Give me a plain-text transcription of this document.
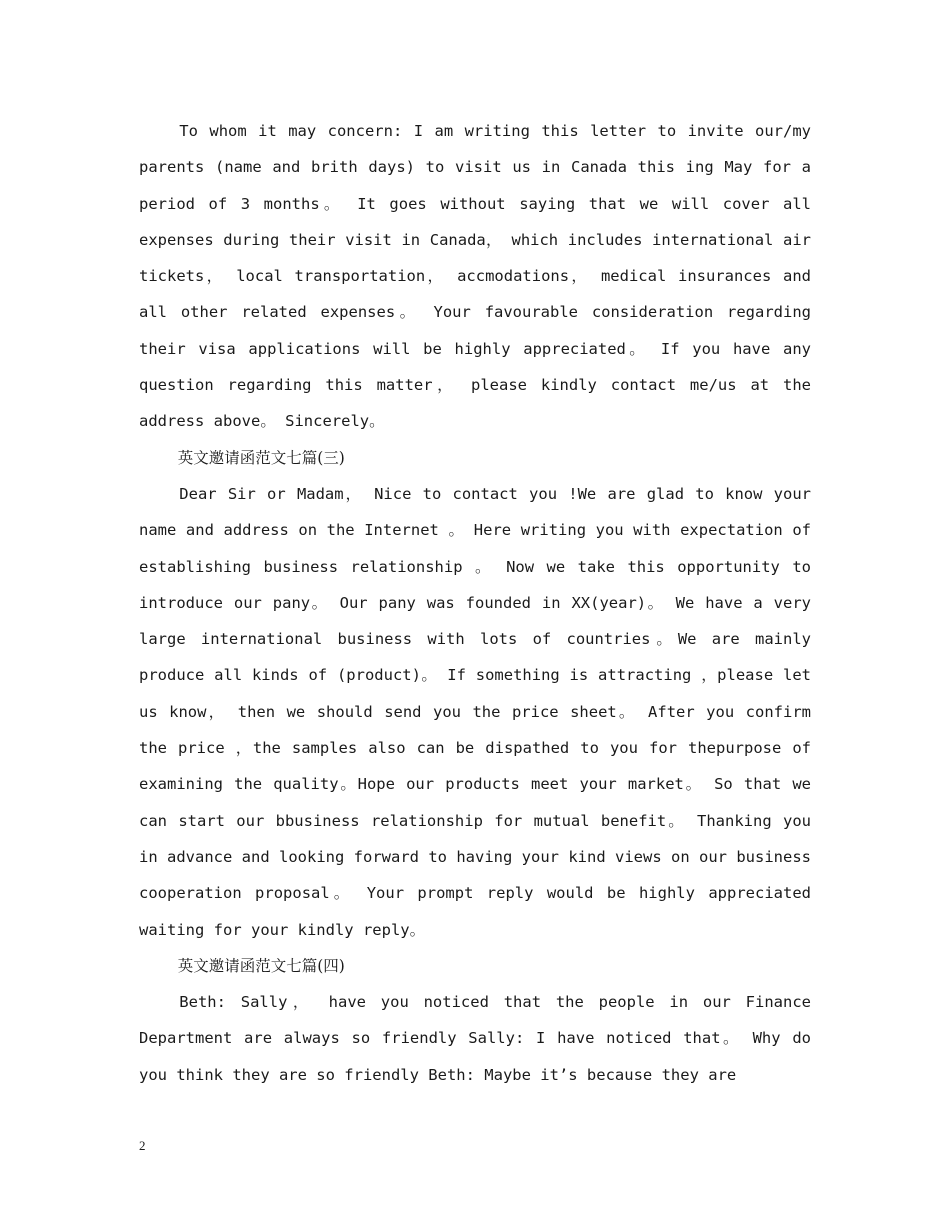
To whom it may concern: I am writing this letter to invite our/my parents (name and brith days) to visit us in Canada this ing May for a period of 3 months。 It goes without saying that we will cover all expenses during their visit in Canada， which includes international air tickets， local transportation， accmodations， medical insurances and all other related expenses。 Your favourable consideration regarding their visa applications will be highly appreciated。 If you have any question regarding this matter， please kindly contact me/us at the address above。 Sincerely。

英文邀请函范文七篇(三)

Dear Sir or Madam， Nice to contact you !We are glad to know your name and address on the Internet 。 Here writing you with expectation of establishing business relationship 。 Now we take this opportunity to introduce our pany。 Our pany was founded in XX(year)。 We have a very large international business with lots of countries。We are mainly produce all kinds of (product)。 If something is attracting ，please let us know， then we should send you the price sheet。 After you confirm the price ，the samples also can be dispathed to you for thepurpose of examining the quality。Hope our products meet your market。 So that we can start our bbusiness relationship for mutual benefit。 Thanking you in advance and looking forward to having your kind views on our business cooperation proposal。 Your prompt reply would be highly appreciated waiting for your kindly reply。

英文邀请函范文七篇(四)

Beth: Sally， have you noticed that the people in our Finance Department are always so friendly Sally: I have noticed that。 Why do you think they are so friendly Beth: Maybe it’s because they are

2
